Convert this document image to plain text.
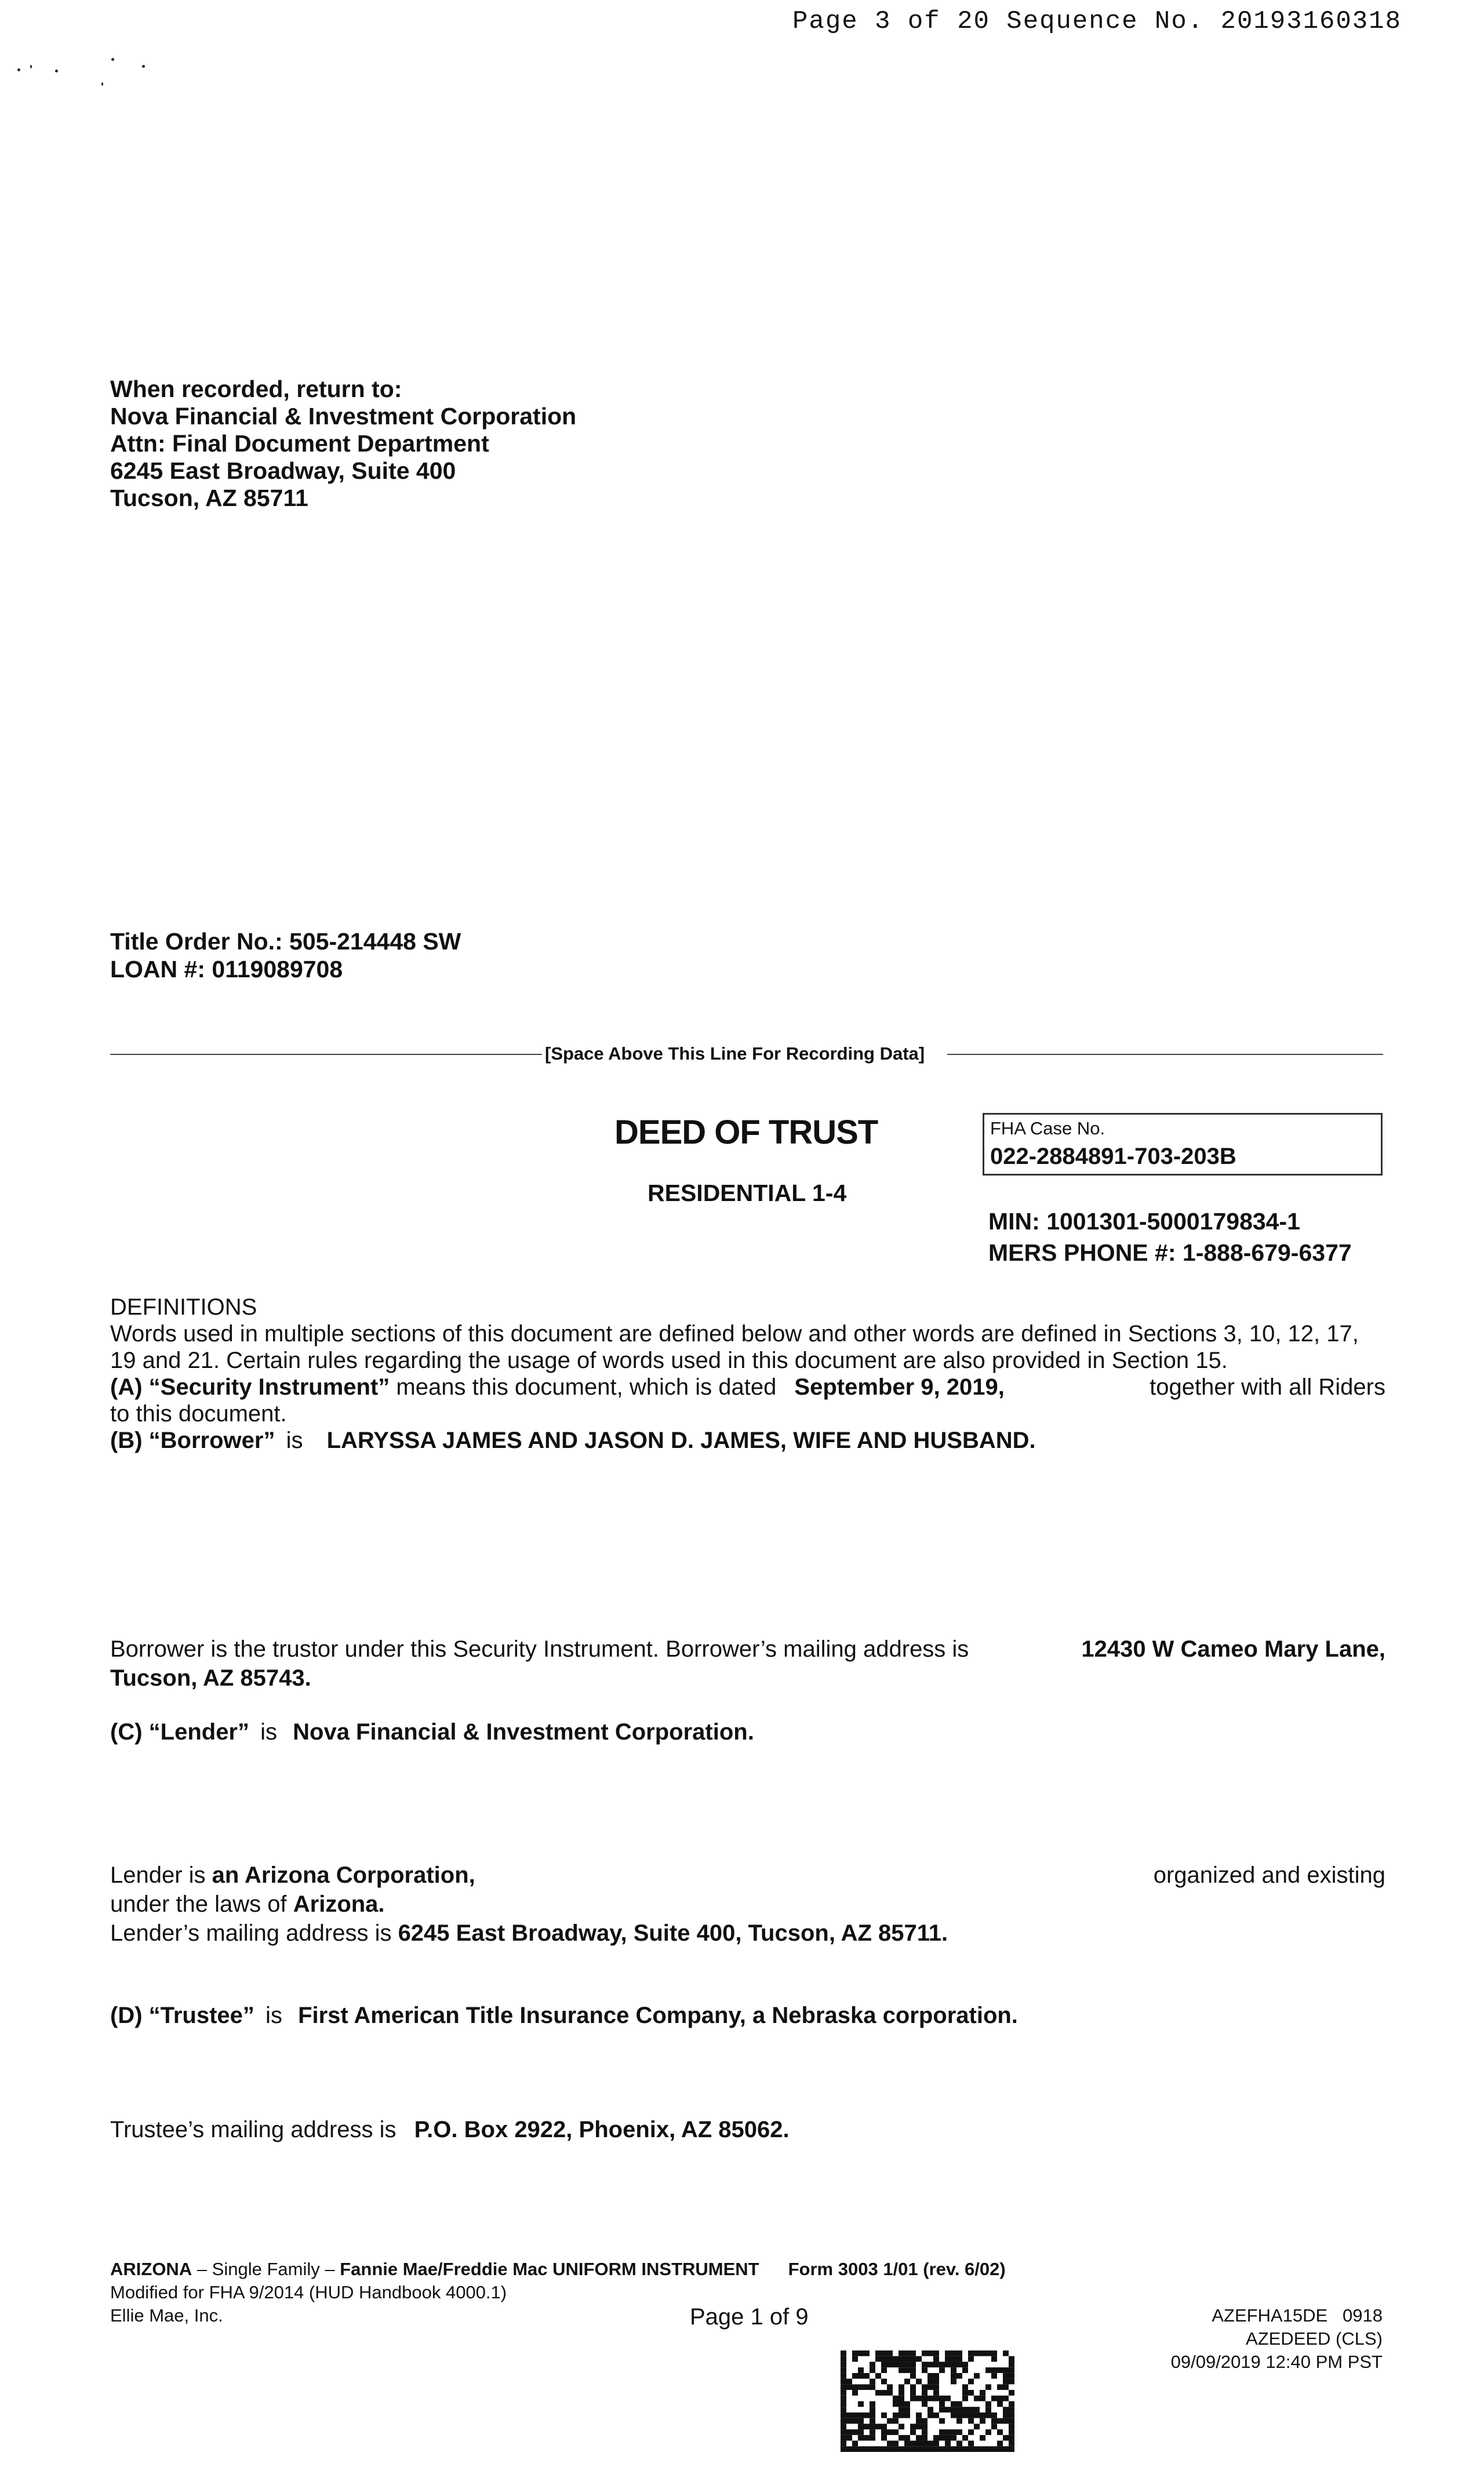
Page 3 of 20 Sequence No. 20193160318
When recorded, return to:
Nova Financial & Investment Corporation
Attn: Final Document Department
6245 East Broadway, Suite 400
Tucson, AZ 85711
Title Order No.: 505-214448 SW
LOAN #: 0119089708
[Space Above This Line For Recording Data]
DEED OF TRUST
RESIDENTIAL 1-4
FHA Case No.
022-2884891-703-203B
MIN: 1001301-5000179834-1
MERS PHONE #: 1-888-679-6377

DEFINITIONS

Words used in multiple sections of this document are defined below and other words are defined in Sections 3, 10, 12, 17,

19 and 21. Certain rules regarding the usage of words used in this document are also provided in Section 15.

(A) “Security Instrument” means this document, which is dated September 9, 2019,	together with all Riders

to this document.

(B) “Borrower” is LARYSSA JAMES AND JASON D. JAMES, WIFE AND HUSBAND.

Borrower is the trustor under this Security Instrument. Borrower’s mailing address is	12430 W Cameo Mary Lane,
Tucson, AZ 85743.
(C) “Lender” is Nova Financial & Investment Corporation.
Lender is an Arizona Corporation,	organized and existing
under the laws of Arizona.
Lender’s mailing address is 6245 East Broadway, Suite 400, Tucson, AZ 85711.
(D) “Trustee” is First American Title Insurance Company, a Nebraska corporation.
Trustee’s mailing address is P.O. Box 2922, Phoenix, AZ 85062.
ARIZONA – Single Family – Fannie Mae/Freddie Mac UNIFORM INSTRUMENT Form 3003 1/01 (rev. 6/02)
Modified for FHA 9/2014 (HUD Handbook 4000.1)
Ellie Mae, Inc.	Page 1 of 9	AZEFHA15DE   0918
AZEDEED (CLS)
09/09/2019 12:40 PM PST
